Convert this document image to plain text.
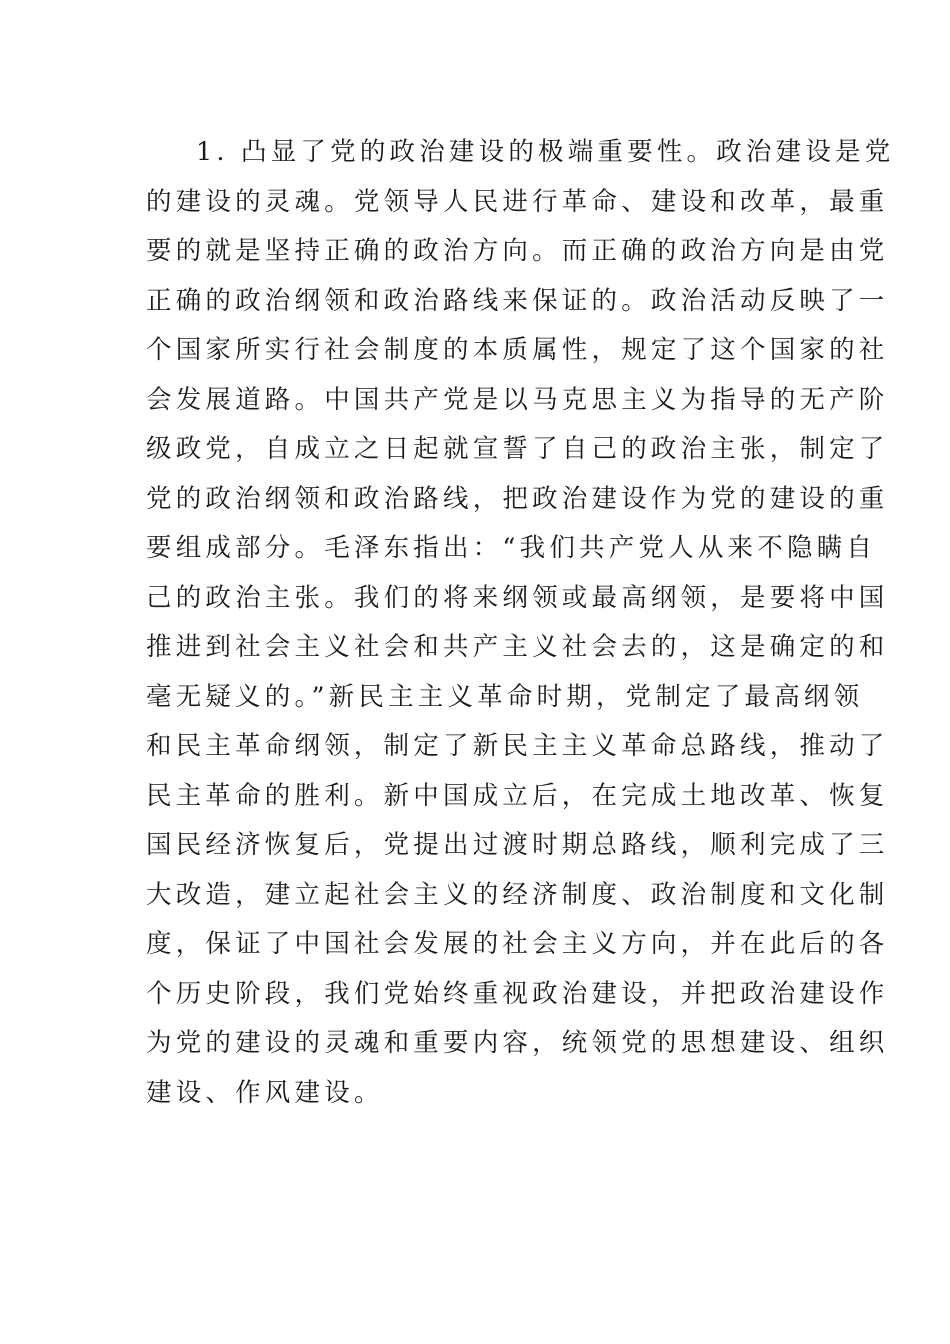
1. 凸显了党的政治建设的极端重要性。政治建设是党
的建设的灵魂。党领导人民进行革命、建设和改革，最重
要的就是坚持正确的政治方向。而正确的政治方向是由党
正确的政治纲领和政治路线来保证的。政治活动反映了一
个国家所实行社会制度的本质属性，规定了这个国家的社
会发展道路。中国共产党是以马克思主义为指导的无产阶
级政党，自成立之日起就宣誓了自己的政治主张，制定了
党的政治纲领和政治路线，把政治建设作为党的建设的重
要组成部分。毛泽东指出：“我们共产党人从来不隐瞒自
己的政治主张。我们的将来纲领或最高纲领，是要将中国
推进到社会主义社会和共产主义社会去的，这是确定的和
毫无疑义的。”新民主主义革命时期，党制定了最高纲领
和民主革命纲领，制定了新民主主义革命总路线，推动了
民主革命的胜利。新中国成立后，在完成土地改革、恢复
国民经济恢复后，党提出过渡时期总路线，顺利完成了三
大改造，建立起社会主义的经济制度、政治制度和文化制
度，保证了中国社会发展的社会主义方向，并在此后的各
个历史阶段，我们党始终重视政治建设，并把政治建设作
为党的建设的灵魂和重要内容，统领党的思想建设、组织
建设、作风建设。
